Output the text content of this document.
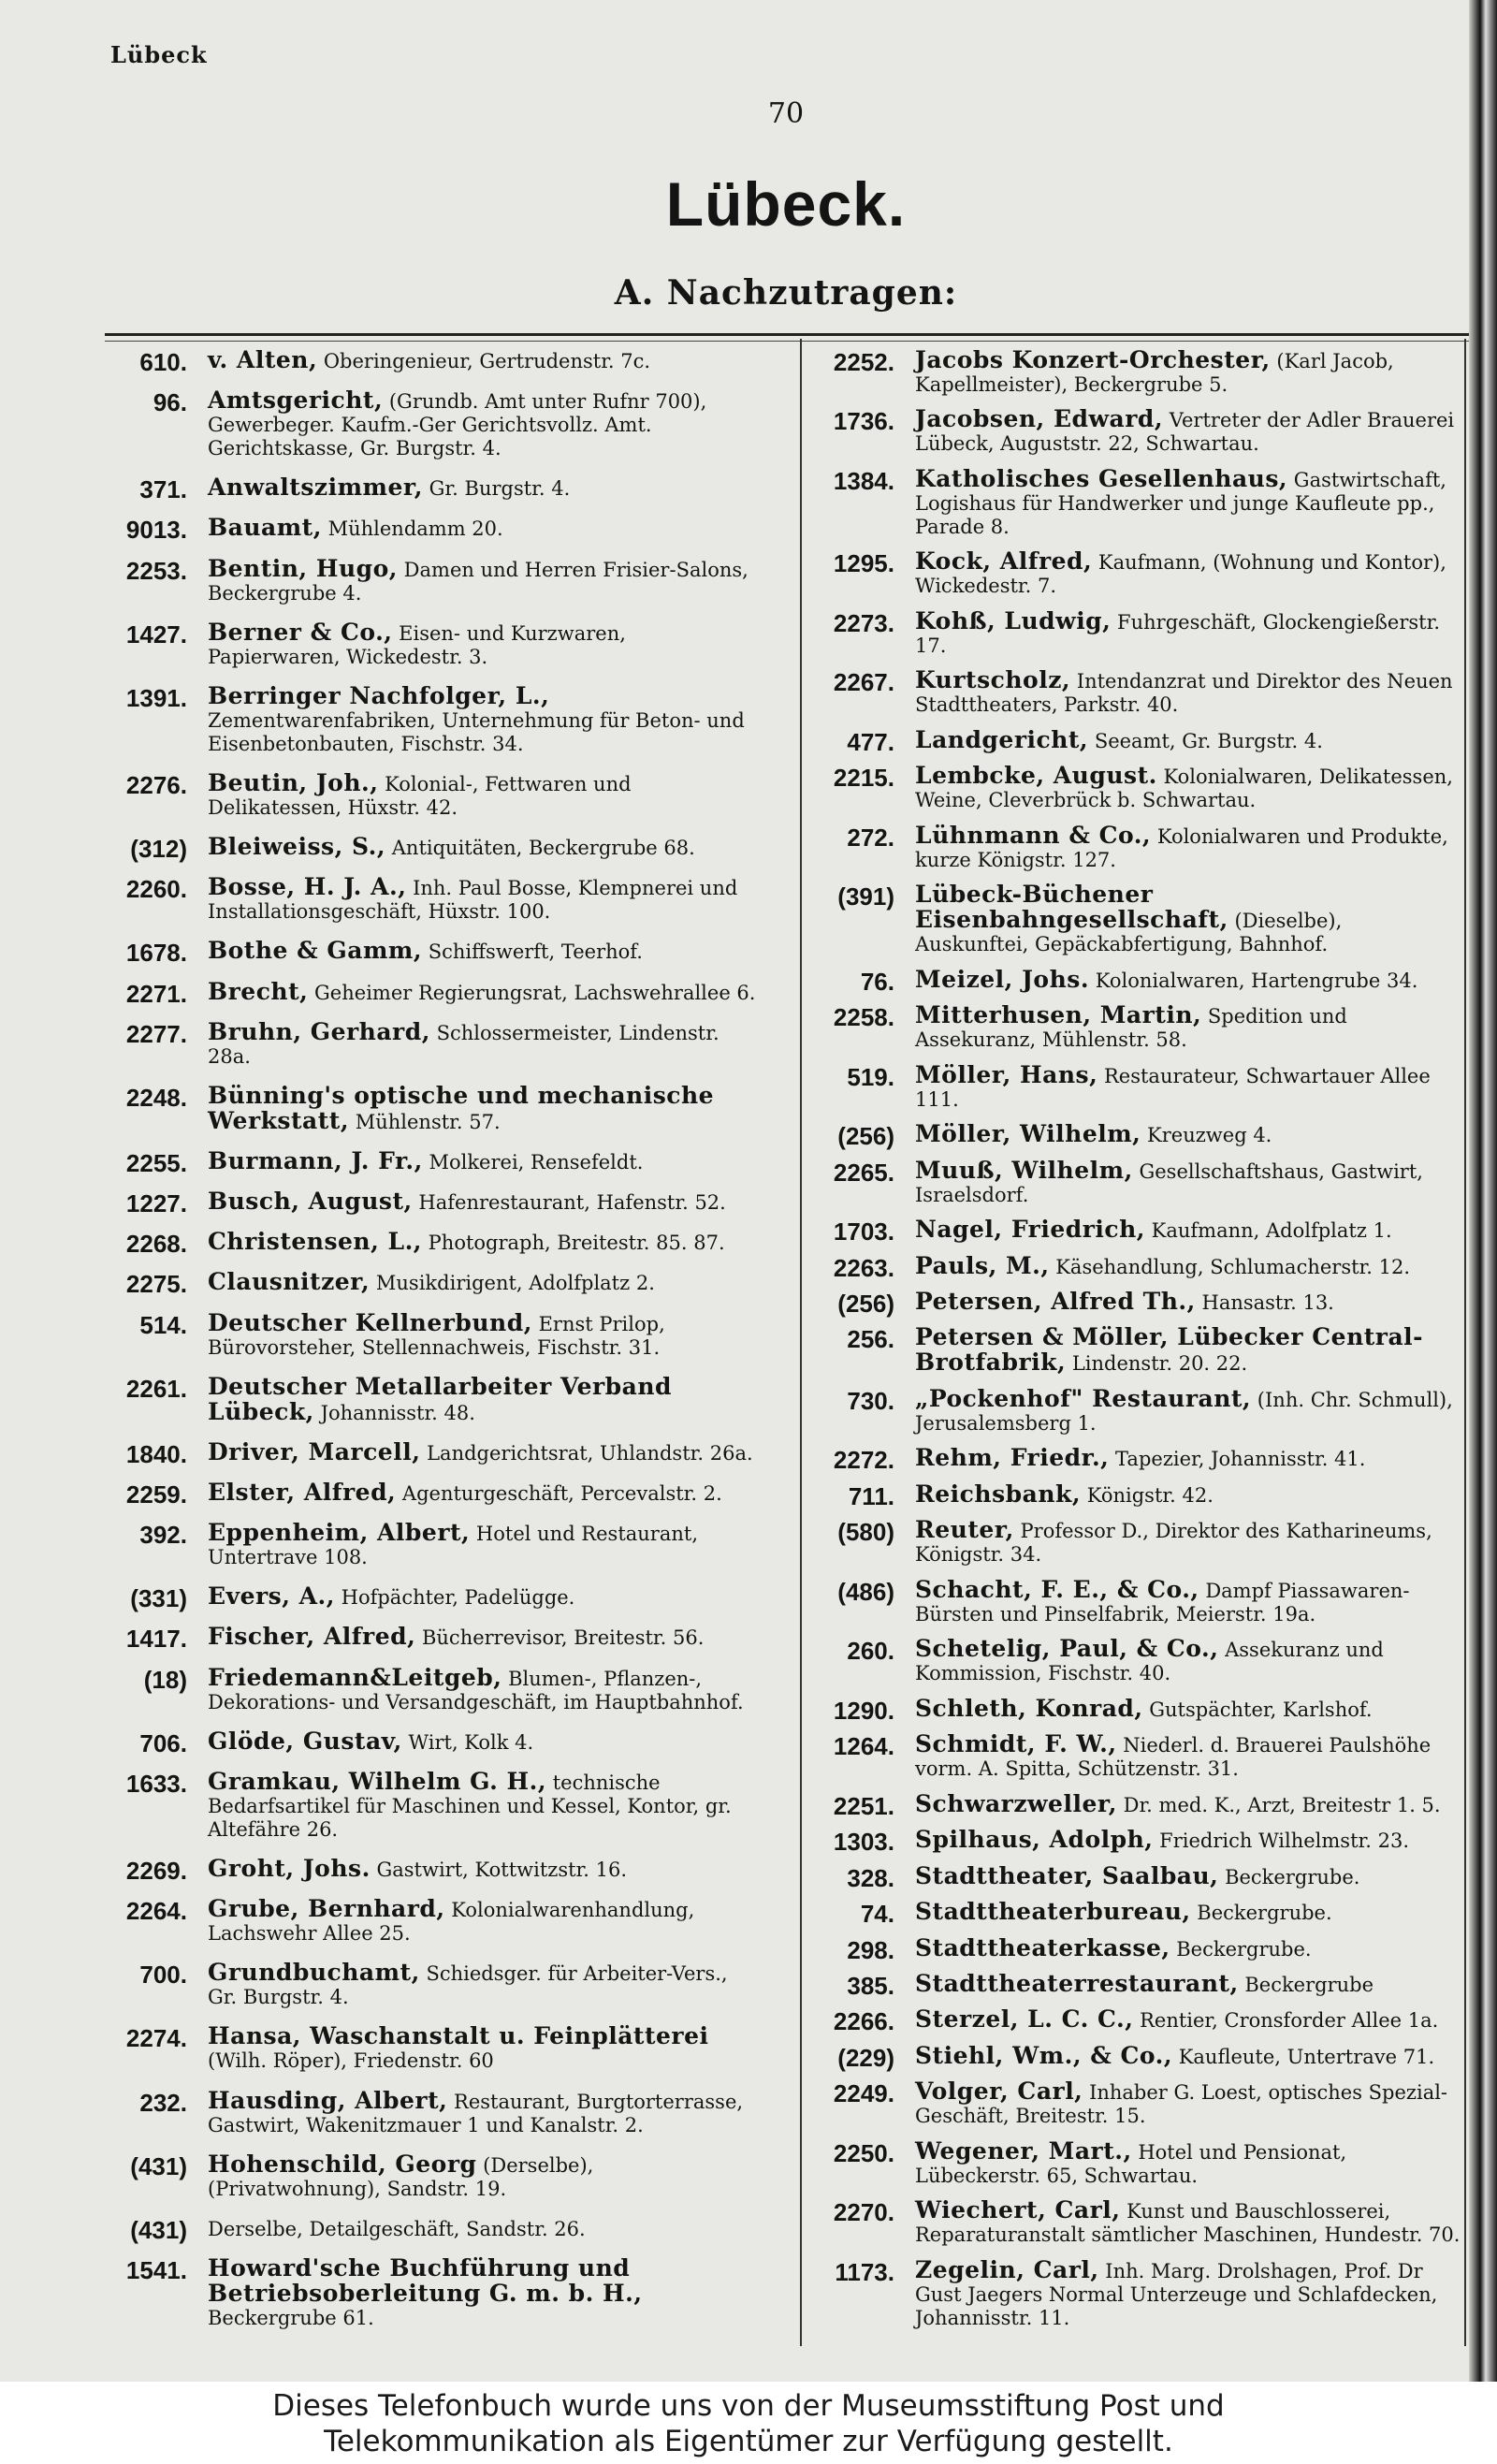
Lübeck
70
Lübeck.
A. Nachzutragen:
610. v. Alten, Oberingenieur, Gertrudenstr. 7c.
96. Amtsgericht, (Grundb. Amt unter Rufnr 700), Gewerbeger. Kaufm.-Ger Gerichtsvollz. Amt. Gerichtskasse, Gr. Burgstr. 4.
371. Anwaltszimmer, Gr. Burgstr. 4.
9013. Bauamt, Mühlendamm 20.
2253. Bentin, Hugo, Damen und Herren Frisier-Salons, Beckergrube 4.
1427. Berner & Co., Eisen- und Kurzwaren, Papierwaren, Wickedestr. 3.
1391. Berringer Nachfolger, L., Zementwarenfabriken, Unternehmung für Beton- und Eisenbetonbauten, Fischstr. 34.
2276. Beutin, Joh., Kolonial-, Fettwaren und Delikatessen, Hüxstr. 42.
(312) Bleiweiss, S., Antiquitäten, Beckergrube 68.
2260. Bosse, H. J. A., Inh. Paul Bosse, Klempnerei und Installationsgeschäft, Hüxstr. 100.
1678. Bothe & Gamm, Schiffswerft, Teerhof.
2271. Brecht, Geheimer Regierungsrat, Lachswehrallee 6.
2277. Bruhn, Gerhard, Schlossermeister, Lindenstr. 28a.
2248. Bünning's optische und mechanische Werkstatt, Mühlenstr. 57.
2255. Burmann, J. Fr., Molkerei, Rensefeldt.
1227. Busch, August, Hafenrestaurant, Hafenstr. 52.
2268. Christensen, L., Photograph, Breitestr. 85. 87.
2275. Clausnitzer, Musikdirigent, Adolfplatz 2.
514. Deutscher Kellnerbund, Ernst Prilop, Bürovorsteher, Stellennachweis, Fischstr. 31.
2261. Deutscher Metallarbeiter Verband Lübeck, Johannisstr. 48.
1840. Driver, Marcell, Landgerichtsrat, Uhlandstr. 26a.
2259. Elster, Alfred, Agenturgeschäft, Percevalstr. 2.
392. Eppenheim, Albert, Hotel und Restaurant, Untertrave 108.
(331) Evers, A., Hofpächter, Padelügge.
1417. Fischer, Alfred, Bücherrevisor, Breitestr. 56.
(18) Friedemann&Leitgeb, Blumen-, Pflanzen-, Dekorations- und Versandgeschäft, im Hauptbahnhof.
706. Glöde, Gustav, Wirt, Kolk 4.
1633. Gramkau, Wilhelm G. H., technische Bedarfsartikel für Maschinen und Kessel, Kontor, gr. Altefähre 26.
2269. Groht, Johs. Gastwirt, Kottwitzstr. 16.
2264. Grube, Bernhard, Kolonialwarenhandlung, Lachswehr Allee 25.
700. Grundbuchamt, Schiedsger. für Arbeiter-Vers., Gr. Burgstr. 4.
2274. Hansa, Waschanstalt u. Feinplätterei (Wilh. Röper), Friedenstr. 60
232. Hausding, Albert, Restaurant, Burgtorterrasse, Gastwirt, Wakenitzmauer 1 und Kanalstr. 2.
(431) Hohenschild, Georg (Derselbe), (Privatwohnung), Sandstr. 19.
(431) Derselbe, Detailgeschäft, Sandstr. 26.
1541. Howard'sche Buchführung und Betriebsoberleitung G. m. b. H., Beckergrube 61.
2252. Jacobs Konzert-Orchester, (Karl Jacob, Kapellmeister), Beckergrube 5.
1736. Jacobsen, Edward, Vertreter der Adler Brauerei Lübeck, Auguststr. 22, Schwartau.
1384. Katholisches Gesellenhaus, Gastwirtschaft, Logishaus für Handwerker und junge Kaufleute pp., Parade 8.
1295. Kock, Alfred, Kaufmann, (Wohnung und Kontor), Wickedestr. 7.
2273. Kohß, Ludwig, Fuhrgeschäft, Glockengießerstr. 17.
2267. Kurtscholz, Intendanzrat und Direktor des Neuen Stadttheaters, Parkstr. 40.
477. Landgericht, Seeamt, Gr. Burgstr. 4.
2215. Lembcke, August. Kolonialwaren, Delikatessen, Weine, Cleverbrück b. Schwartau.
272. Lühnmann & Co., Kolonialwaren und Produkte, kurze Königstr. 127.
(391) Lübeck-Büchener Eisenbahngesellschaft, (Dieselbe), Auskunftei, Gepäckabfertigung, Bahnhof.
76. Meizel, Johs. Kolonialwaren, Hartengrube 34.
2258. Mitterhusen, Martin, Spedition und Assekuranz, Mühlenstr. 58.
519. Möller, Hans, Restaurateur, Schwartauer Allee 111.
(256) Möller, Wilhelm, Kreuzweg 4.
2265. Muuß, Wilhelm, Gesellschaftshaus, Gastwirt, Israelsdorf.
1703. Nagel, Friedrich, Kaufmann, Adolfplatz 1.
2263. Pauls, M., Käsehandlung, Schlumacherstr. 12.
(256) Petersen, Alfred Th., Hansastr. 13.
256. Petersen & Möller, Lübecker Central-Brotfabrik, Lindenstr. 20. 22.
730. „Pockenhof" Restaurant, (Inh. Chr. Schmull), Jerusalemsberg 1.
2272. Rehm, Friedr., Tapezier, Johannisstr. 41.
711. Reichsbank, Königstr. 42.
(580) Reuter, Professor D., Direktor des Katharineums, Königstr. 34.
(486) Schacht, F. E., & Co., Dampf Piassawaren-Bürsten und Pinselfabrik, Meierstr. 19a.
260. Schetelig, Paul, & Co., Assekuranz und Kommission, Fischstr. 40.
1290. Schleth, Konrad, Gutspächter, Karlshof.
1264. Schmidt, F. W., Niederl. d. Brauerei Paulshöhe vorm. A. Spitta, Schützenstr. 31.
2251. Schwarzweller, Dr. med. K., Arzt, Breitestr 1. 5.
1303. Spilhaus, Adolph, Friedrich Wilhelmstr. 23.
328. Stadttheater, Saalbau, Beckergrube.
74. Stadttheaterbureau, Beckergrube.
298. Stadttheaterkasse, Beckergrube.
385. Stadttheaterrestaurant, Beckergrube
2266. Sterzel, L. C. C., Rentier, Cronsforder Allee 1a.
(229) Stiehl, Wm., & Co., Kaufleute, Untertrave 71.
2249. Volger, Carl, Inhaber G. Loest, optisches Spezial-Geschäft, Breitestr. 15.
2250. Wegener, Mart., Hotel und Pensionat, Lübeckerstr. 65, Schwartau.
2270. Wiechert, Carl, Kunst und Bauschlosserei, Reparaturanstalt sämtlicher Maschinen, Hundestr. 70.
1173. Zegelin, Carl, Inh. Marg. Drolshagen, Prof. Dr Gust Jaegers Normal Unterzeuge und Schlafdecken, Johannisstr. 11.

Dieses Telefonbuch wurde uns von der Museumsstiftung Post und

Telekommunikation als Eigentümer zur Verfügung gestellt.
